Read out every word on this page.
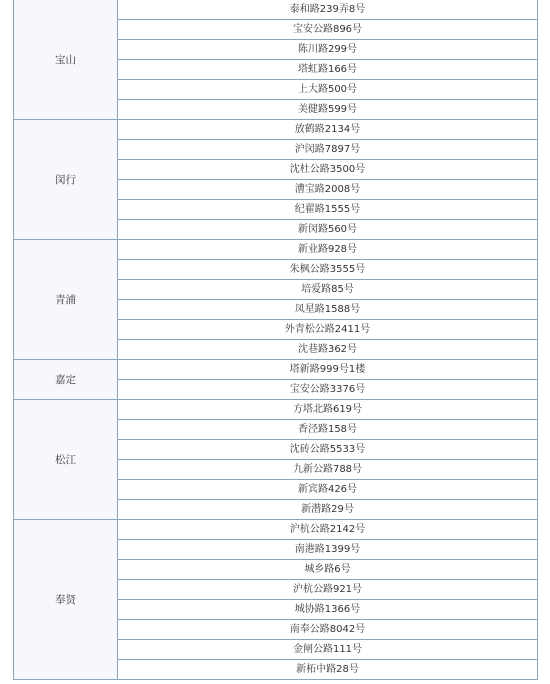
宝山	泰和路239弄8号
	宝安公路896号
	陈川路299号
	塔虹路166号
	上大路500号
	美健路599号
闵行	放鹤路2134号
	沪闵路7897号
	沈杜公路3500号
	漕宝路2008号
	纪翟路1555号
	新闵路560号
青浦	新业路928号
	朱枫公路3555号
	培爱路85号
	凤星路1588号
	外青松公路2411号
	沈巷路362号
嘉定	塔新路999号1楼
	宝安公路3376号
松江	方塔北路619号
	香泾路158号
	沈砖公路5533号
	九新公路788号
	新宾路426号
	新潜路29号
奉贤	沪杭公路2142号
	南港路1399号
	城乡路6号
	沪杭公路921号
	城协路1366号
	南奉公路8042号
	金闸公路111号
	新柘中路28号
